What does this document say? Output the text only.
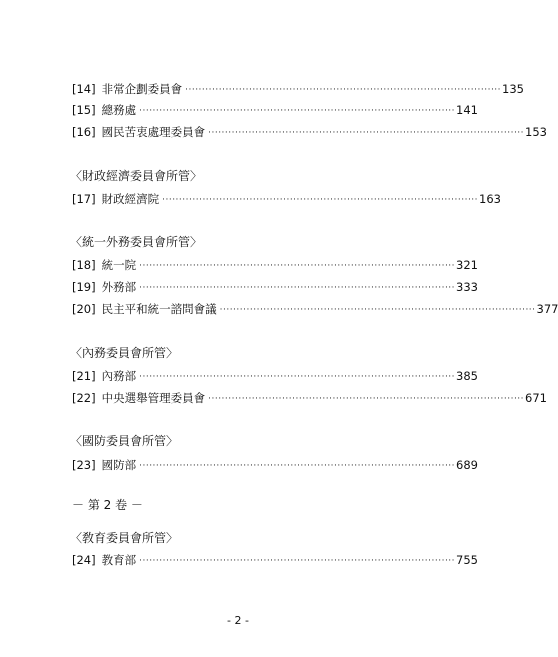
[14] 非常企劃委員會 ······························································································ 135
[15] 總務處 ······························································································ 141
[16] 國民苦衷處理委員會 ······························································································ 153
〈財政經濟委員會所管〉
[17] 財政經濟院 ······························································································ 163
〈統一外務委員會所管〉
[18] 統一院 ······························································································ 321
[19] 外務部 ······························································································ 333
[20] 民主平和統一諮問會議 ······························································································ 377
〈內務委員會所管〉
[21] 內務部 ······························································································ 385
[22] 中央選舉管理委員會 ······························································································ 671
〈國防委員會所管〉
[23] 國防部 ······························································································ 689
－ 第 2 卷 －
〈敎育委員會所管〉
[24] 教育部 ······························································································ 755
- 2 -
